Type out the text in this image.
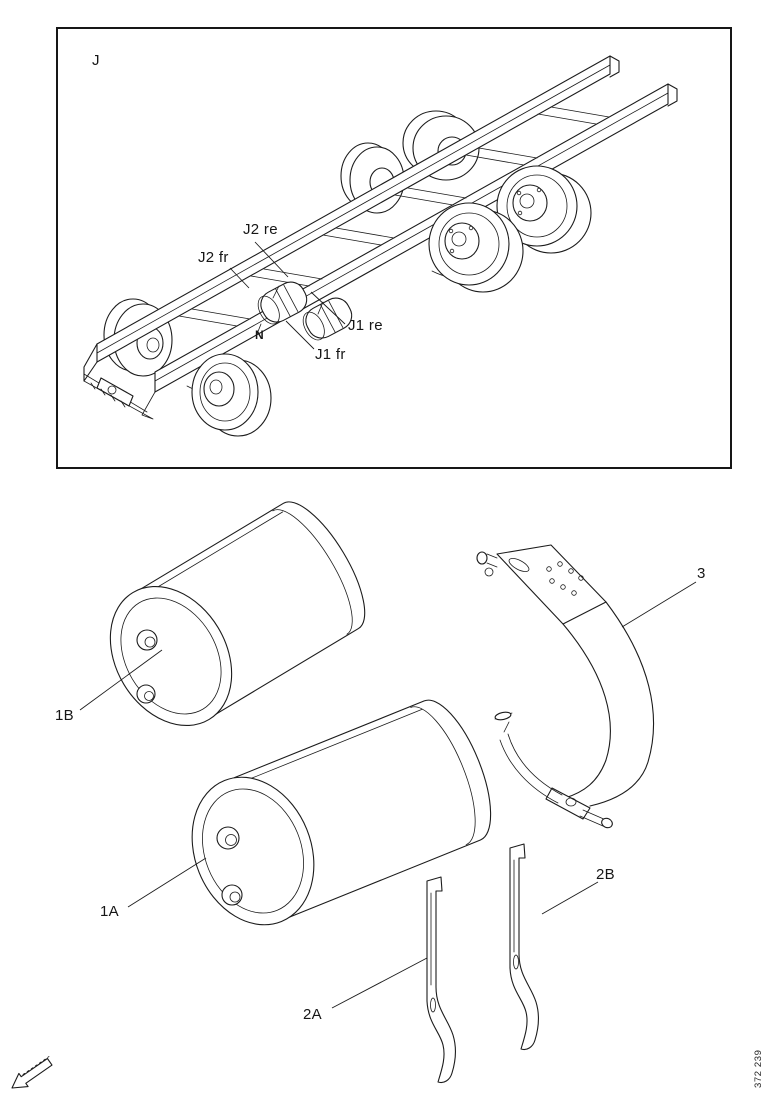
J
J2 re
J2 fr
J1 re
J1 fr
N
1B
1A
2A
2B
3
372 239
